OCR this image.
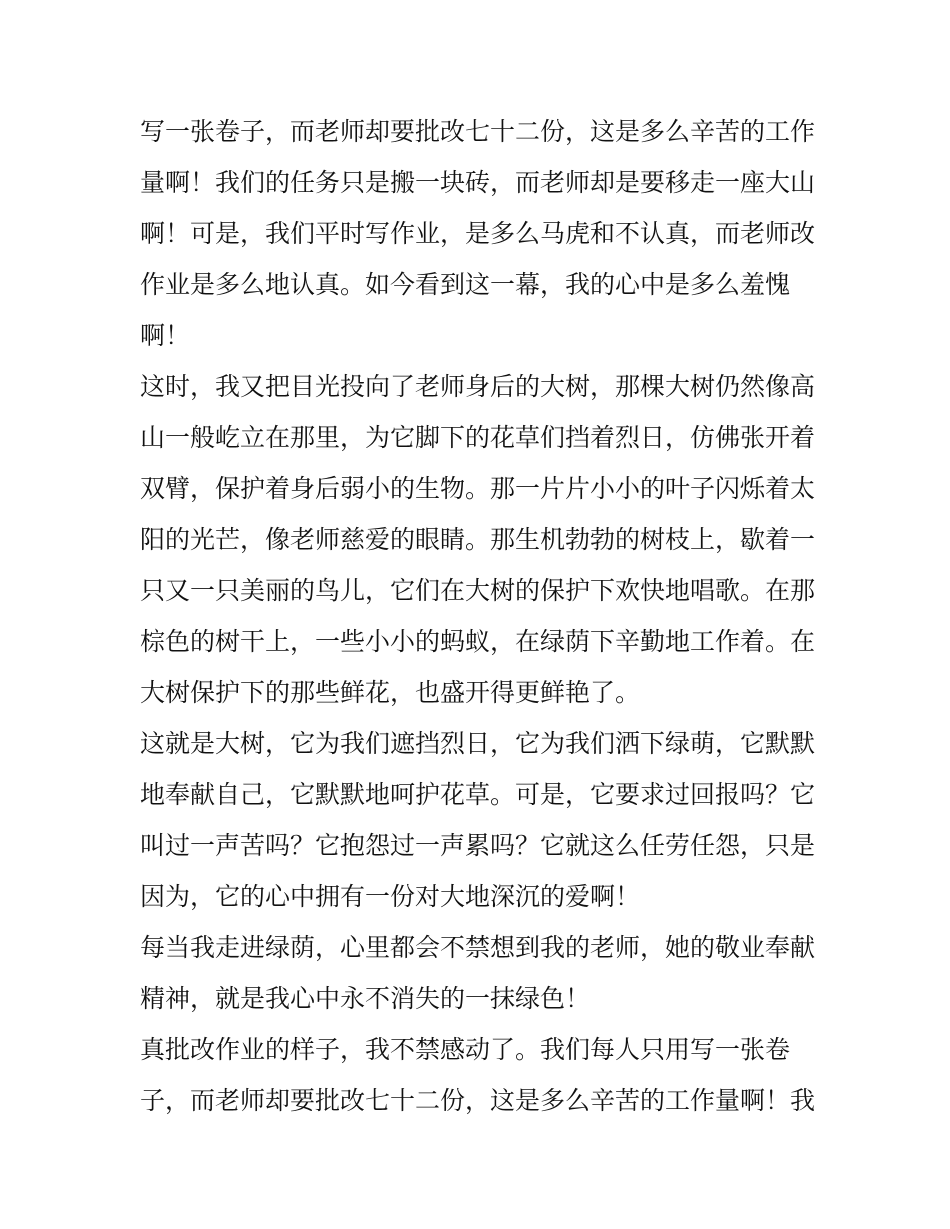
写一张卷子，而老师却要批改七十二份，这是多么辛苦的工作
量啊！我们的任务只是搬一块砖，而老师却是要移走一座大山
啊！可是，我们平时写作业，是多么马虎和不认真，而老师改
作业是多么地认真。如今看到这一幕，我的心中是多么羞愧
啊！
这时，我又把目光投向了老师身后的大树，那棵大树仍然像高
山一般屹立在那里，为它脚下的花草们挡着烈日，仿佛张开着
双臂，保护着身后弱小的生物。那一片片小小的叶子闪烁着太
阳的光芒，像老师慈爱的眼睛。那生机勃勃的树枝上，歇着一
只又一只美丽的鸟儿，它们在大树的保护下欢快地唱歌。在那
棕色的树干上，一些小小的蚂蚁，在绿荫下辛勤地工作着。在
大树保护下的那些鲜花，也盛开得更鲜艳了。
这就是大树，它为我们遮挡烈日，它为我们洒下绿萌，它默默
地奉献自己，它默默地呵护花草。可是，它要求过回报吗？它
叫过一声苦吗？它抱怨过一声累吗？它就这么任劳任怨，只是
因为，它的心中拥有一份对大地深沉的爱啊！
每当我走进绿荫，心里都会不禁想到我的老师，她的敬业奉献
精神，就是我心中永不消失的一抹绿色！
真批改作业的样子，我不禁感动了。我们每人只用写一张卷
子，而老师却要批改七十二份，这是多么辛苦的工作量啊！我
